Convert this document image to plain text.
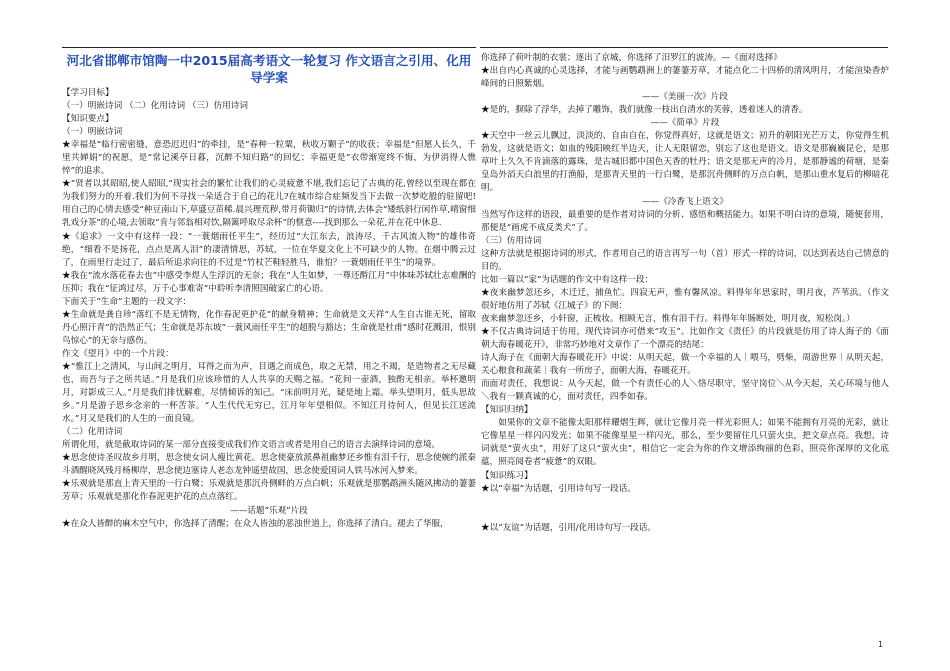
河北省邯郸市馆陶一中2015届高考语文一轮复习 作文语言之引用、化用导学案

【学习目标】

（一）明嵌诗词 （二）化用诗词 （三）仿用诗词

【知识要点】

（一）明嵌诗词

★幸福是“临行密密缝，意恐迟迟归”的牵挂，是“春种一粒粟，秋收万颗子”的收获；幸福是“但愿人长久，千里共婵娟”的祝愿，是“常记溪亭日暮，沉醉不知归路”的回忆；幸福更是“衣带渐宽终不悔，为伊消得人憔悴”的追求。

★“贤者以其昭昭,使人昭昭,”现实社会的繁忙让我们的心灵疲惫不堪,我们忘记了古典的花,曾经以至现在都在为我们努力的开着.我们为何不寻找一朵适合于自己的花儿?在城市综合症频发当下去做一次梦吃般的驻留吧!用自己的心情去感受“种豆南山下,草盛豆苗稀.晨兴理荒秽,带月荷锄归”的诗情,去体会“矮纸斜行闲作草,晴窗细乳戏分茶”的心境,去领取“肯与邻翁相对饮,隔篱呼取尽余杯”的惬意----找到那么一朵花,并在花中休息.

★《追求》一文中有这样一段：“一蓑烟雨任平生”，经历过“大江东去，浪涛尽，千古风流人物”的雄伟奇绝，“细看不是扬花，点点是离人泪”的凄清情思，苏轼，一位在华夏文化上不可缺少的人物。在烟中腾云过了，在雨里行走过了，最后所追求向往的不过是“竹杖芒鞋轻胜马，谁怕？一蓑烟雨任平生”的境界。

★我在“流水落花春去也”中感受李煜人生浮沉的无奈；我在“人生如梦，一尊还酹江月”中体味苏轼壮志难酬的压抑；我在“征鸿过尽，万千心事难寄”中聆听李清照国破家亡的心语。

下面关于“生命”主题的一段文字：

★生命就是龚自珍“落红不是无情物，化作春泥更护花”的献身精神；生命就是文天祥“人生自古谁无死，留取丹心照汗青”的浩然正气；生命就是苏东坡“一蓑风雨任平生”的超脱与豁达；生命就是杜甫“感时花溅泪，恨别鸟惊心”的无奈与感伤。

作文《望月》中的一个片段：

★“惟江上之清风，与山间之明月，耳得之而为声，目遇之而成色，取之无禁，用之不竭，是造物者之无尽藏也，而吾与子之所共适。”月是我们应该珍惜的人人共享的天赐之福。“花间一壶酒，独酌无相亲。举杯邀明月，对影成三人。”月是我们排忧解难，尽情倾诉的知己。“床前明月光，疑是地上霜。举头望明月，低头思故乡。”月是游子思乡念亲的一杯苦茶。“人生代代无穷已，江月年年望相似。不知江月待何人，但见长江送流水。”月又是我们的人生的一面良镜。

（二）化用诗词

所谓化用，就是截取诗词的某一部分直接变成我们作文语言或者是用自己的语言去演绎诗词的意境。

★思念使诗圣叹故乡月明，思念使女词人瘦比黄花。思念使豪放派鼻祖幽梦还乡惟有泪千行，思念使婉约派秦斗酒醒晓风残月杨柳岸，思念使边塞诗人老态龙钟遥望故国，思念使爱国词人铁马冰河入梦来。

★乐观就是那直上青天里的一行白鹭；乐观就是那沉舟侧畔的万点白帆；乐观就是那鹦鹉洲头随风拂动的萋萋芳草；乐观就是那化作春泥更护花的点点落红。

——话题“乐观”片段

★在众人皆醉的麻木空气中，你选择了清醒；在众人皆浊的恶浊世道上，你选择了清白。褪去了华服，

你选择了荷叶制的衣裳；逐出了京城，你选择了汨罗江的波涛。—《面对选择》

★出自内心真诚的心灵选择，才能与画鹦鹉洲上的萋萋芳草，才能点化二十四桥的清风明月，才能渲染香炉峰间的日照紫烟。

——《美丽一次》片段

★是的，摒除了浮华，去掉了雕饰，我们就像一枝出自清水的芙蓉，透着迷人的清香。

——《简单》片段

★天空中一丝云儿飘过，淡淡的、自由自在，你觉得真好，这就是语文；初升的朝阳光芒万丈，你觉得生机勃发，这就是语文；如血的残阳映红半边天，让人无限留恋，别忘了这也是语文。语文是那巍巍昆仑，是那草叶上久久不肯滴落的露珠，是古城旧都中国色天香的牡丹；语文是那无声的冷月，是那静谧的荷塘，是秦皇岛外滔天白浪里的打渔船，是那青天里的一行白鹭，是那沉舟侧畔的万点白帆，是那山重水复后的柳暗花明。

——《冷香飞上语文》

当然写作这样的语段，最重要的是作者对诗词的分析、感悟和概括能力。如果不明白诗的意境，随便套用，那便是“画虎不成反类犬”了。

（三）仿用诗词

这种方法就是根据诗词的形式，作者用自己的语言再写一句（首）形式一样的诗词，以达到表达自己情意的目的。

比如一篇以“家”为话题的作文中有这样一段：

★夜来幽梦忽还乡，木迁迁，捕鱼忙。四寂无声，惟有馨风凉。料得年年思家时，明月夜，芦苇浜。（作文很好地仿用了苏轼《江城子》的下阕：

夜来幽梦忽还乡，小轩窗，正梳妆。相顾无言，惟有泪千行。料得年年肠断处，明月夜，短松岗。）

★不仅古典诗词适于仿用，现代诗词亦可借来“攻玉”。比如作文《责任》的片段就是仿用了诗人海子的《面朝大海春暖花开》，非常巧妙地对文章作了一个漂亮的结尾：

诗人海子在《面朝大海春暖花开》中说：从明天起，做一个幸福的人｜喂马，劈柴，周游世界｜从明天起，关心粮食和蔬菜｜我有一所房子，面朝大海，春暖花开。

而面对责任，我想说：从今天起，做一个有责任心的人＼恪尽职守，坚守岗位＼从今天起，关心环境与他人＼我有一颗真诚的心，面对责任，四季如春。

【知识归纳】

如果你的文章不能像太阳那样耀熠生辉，就让它像月亮一样光彩照人；如果不能拥有月亮的光彩，就让它像星星一样闪闪发光；如果不能像星星一样闪光，那么，至少要留住几只萤火虫，把文章点亮。我想，诗词就是“萤火虫”，用好了这只“萤火虫”，相信它一定会为你的作文增添绚丽的色彩，照亮你深厚的文化底蕴，照亮阅卷者“疲惫”的双眼。

【知识练习】

★以“幸福”为话题，引用诗句写一段话。

★以“友谊”为话题，引用/化用诗句写一段话。

1
